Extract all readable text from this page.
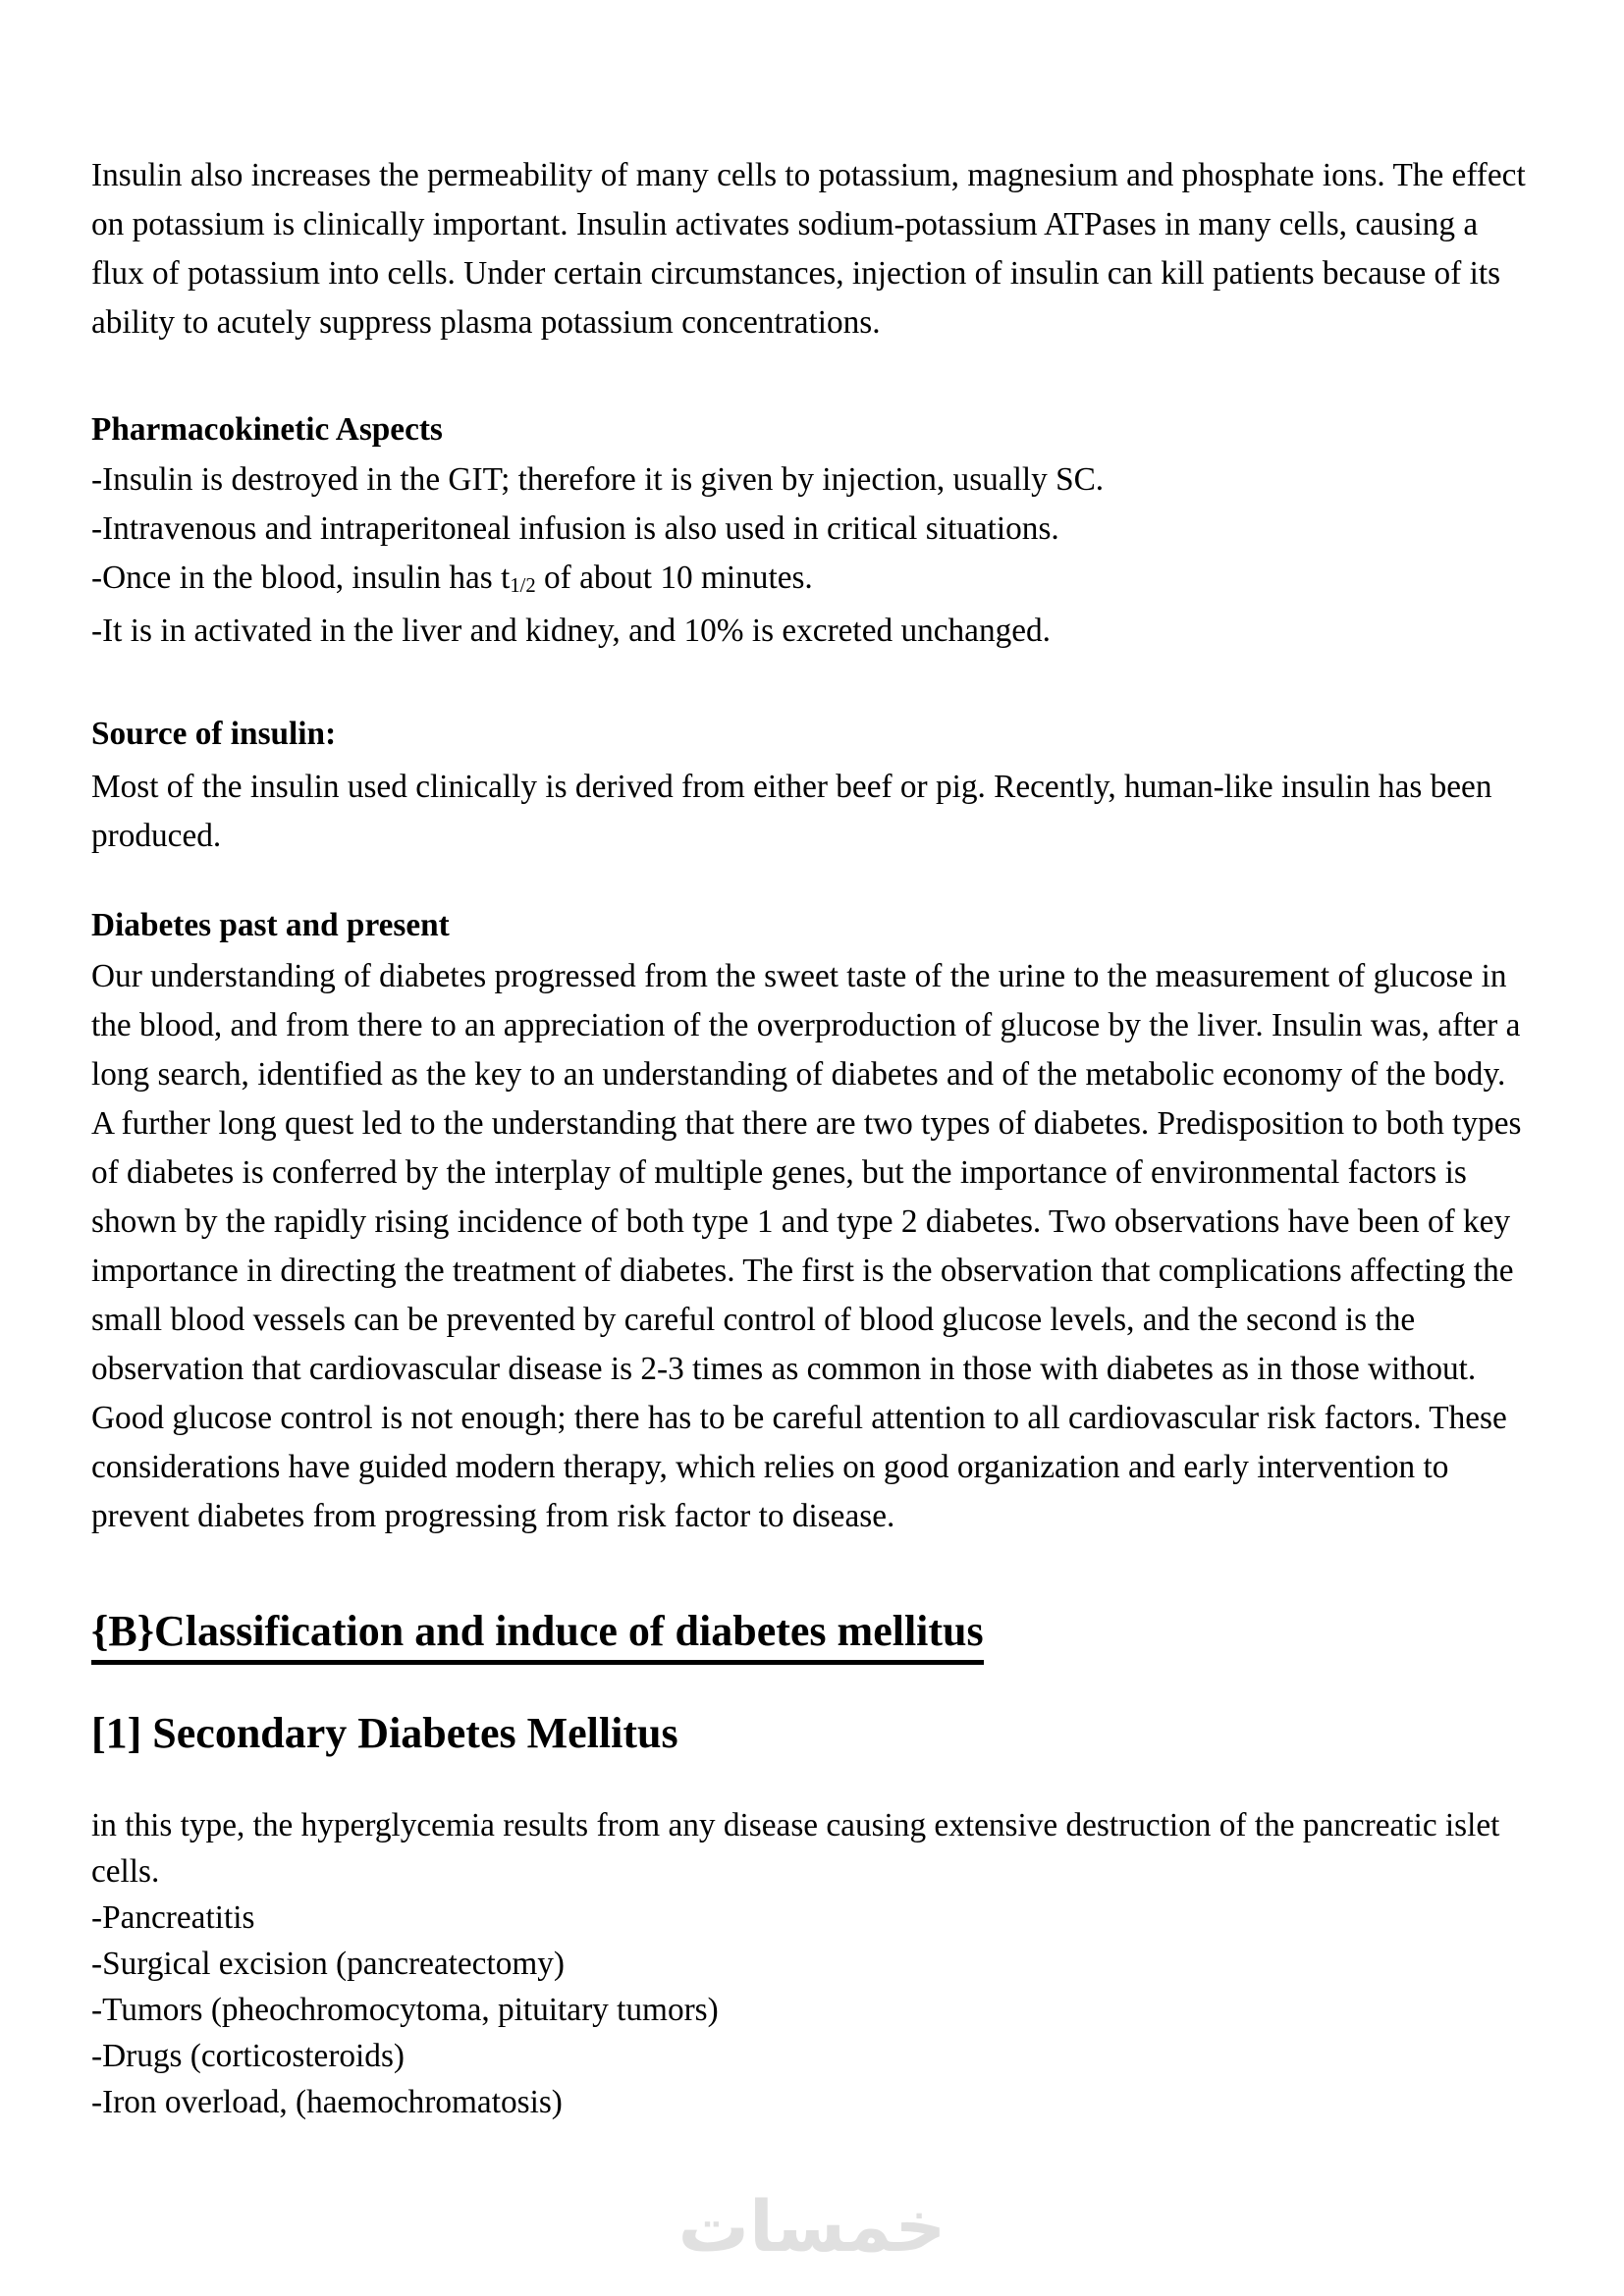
Insulin also increases the permeability of many cells to potassium, magnesium and phosphate ions. The effect on potassium is clinically important. Insulin activates sodium-potassium ATPases in many cells, causing a flux of potassium into cells. Under certain circumstances, injection of insulin can kill patients because of its ability to acutely suppress plasma potassium concentrations.

Pharmacokinetic Aspects

-Insulin is destroyed in the GIT; therefore it is given by injection, usually SC.
-Intravenous and intraperitoneal infusion is also used in critical situations.
-Once in the blood, insulin has $t_{1/2}$ of about 10 minutes.
-It is in activated in the liver and kidney, and 10% is excreted unchanged.

Source of insulin:

Most of the insulin used clinically is derived from either beef or pig. Recently, human-like insulin has been produced.

Diabetes past and present

Our understanding of diabetes progressed from the sweet taste of the urine to the measurement of glucose in the blood, and from there to an appreciation of the overproduction of glucose by the liver. Insulin was, after a long search, identified as the key to an understanding of diabetes and of the metabolic economy of the body. A further long quest led to the understanding that there are two types of diabetes. Predisposition to both types of diabetes is conferred by the interplay of multiple genes, but the importance of environmental factors is shown by the rapidly rising incidence of both type 1 and type 2 diabetes. Two observations have been of key importance in directing the treatment of diabetes. The first is the observation that complications affecting the small blood vessels can be prevented by careful control of blood glucose levels, and the second is the observation that cardiovascular disease is 2-3 times as common in those with diabetes as in those without. Good glucose control is not enough; there has to be careful attention to all cardiovascular risk factors. These considerations have guided modern therapy, which relies on good organization and early intervention to prevent diabetes from progressing from risk factor to disease.

{B}Classification and induce of diabetes mellitus

[1] Secondary Diabetes Mellitus

in this type, the hyperglycemia results from any disease causing extensive destruction of the pancreatic islet cells.
-Pancreatitis
-Surgical excision (pancreatectomy)
-Tumors (pheochromocytoma, pituitary tumors)
-Drugs (corticosteroids)
-Iron overload, (haemochromatosis)
خمسات
